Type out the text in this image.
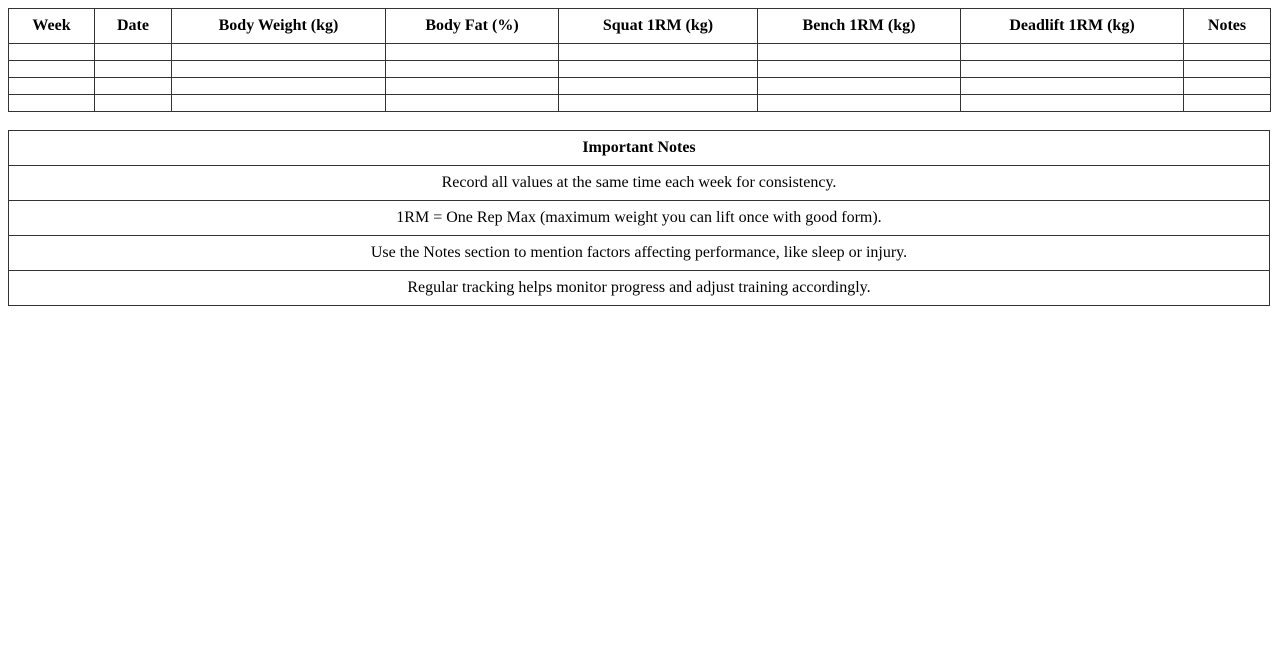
Week	Date	Body Weight (kg)	Body Fat (%)	Squat 1RM (kg)	Bench 1RM (kg)	Deadlift 1RM (kg)	Notes

Important Notes
Record all values at the same time each week for consistency.
1RM = One Rep Max (maximum weight you can lift once with good form).
Use the Notes section to mention factors affecting performance, like sleep or injury.
Regular tracking helps monitor progress and adjust training accordingly.
